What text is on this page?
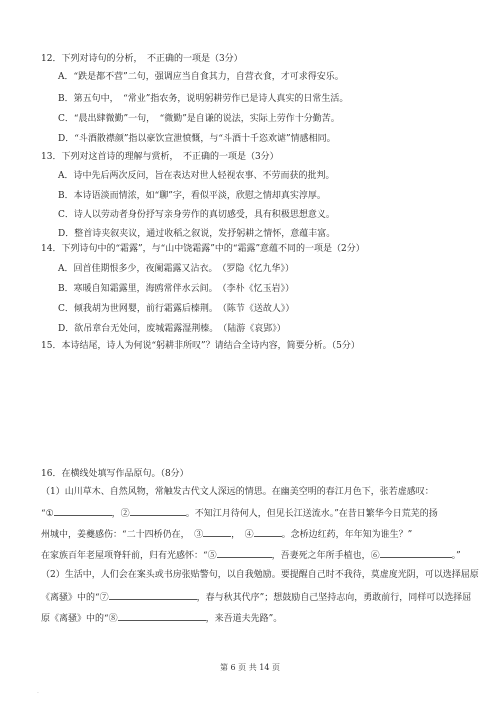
12．下列对诗句的分析，　不正确的一项是（3分）
A．“跌是都不营”二句，强调应当自食其力，自营衣食，才可求得安乐。
B．第五句中，　“常业”指农务，说明躬耕劳作已是诗人真实的日常生活。
C．“晨出肆微勤”一句，　“微勤”是自谦的说法，实际上劳作十分勤苦。
D．“斗酒散襟颜”指以豪饮宣泄愤慨，与“斗酒十千恣欢谑”情感相同。
13．下列对这首诗的理解与赏析，　不正确的一项是（3分）
A．诗中先后两次反问，旨在表达对世人轻视农事、不劳而获的批判。
B．本诗语淡而情浓，如“聊”字，看似平淡，欣慰之情却真实淳厚。
C．诗人以劳动者身份抒写亲身劳作的真切感受，具有积极思想意义。
D．整首诗夹叙夹议，通过收稻之叙说，发抒躬耕之情怀，意蕴丰富。
14．下列诗句中的“霜露”，与“山中饶霜露”中的“霜露”意蕴不同的一项是（2分）
A．回首佳期恨多少，夜阑霜露又沾衣。　（罗隐《忆九华》）
B．寒暖自知霜露里，海鸥常伴水云间。　（李朴《忆玉岩》）
C．倾我胡为世网婴，前行霜露后榛荆。　（陈节《送故人》）
D．欲吊章台无处问，废城霜露湿荆榛。　（陆游《哀郢》）
15．本诗结尾，诗人为何说“躬耕非所叹”？请结合全诗内容，简要分析。（5分）
16．在横线处填写作品原句。（8分）
（1）山川草木、自然风物，常触发古代文人深远的情思。在幽美空明的春江月色下，张若虚感叹：
“①	，②	。不知江月待何人，但见长江送流水。”在昔日繁华今日荒芜的扬
州城中，姜夔感伤：“二十四桥仍在，　③	，　④	。念桥边红药，年年知为谁生？”
在家族百年老屋项脊轩前，归有光感怀：“⑤	，吾妻死之年所手植也，⑥	。”
（2）生活中，人们会在案头或书房张贴警句，以自我勉励。要提醒自己时不我待，莫虚度光阴，可以选择屈原
《离骚》中的“⑦	，春与秋其代序”；想鼓励自己坚持志向，勇敢前行，同样可以选择屈
原《离骚》中的“⑧	，来吾道夫先路”。
第 6 页 共 14 页
·
